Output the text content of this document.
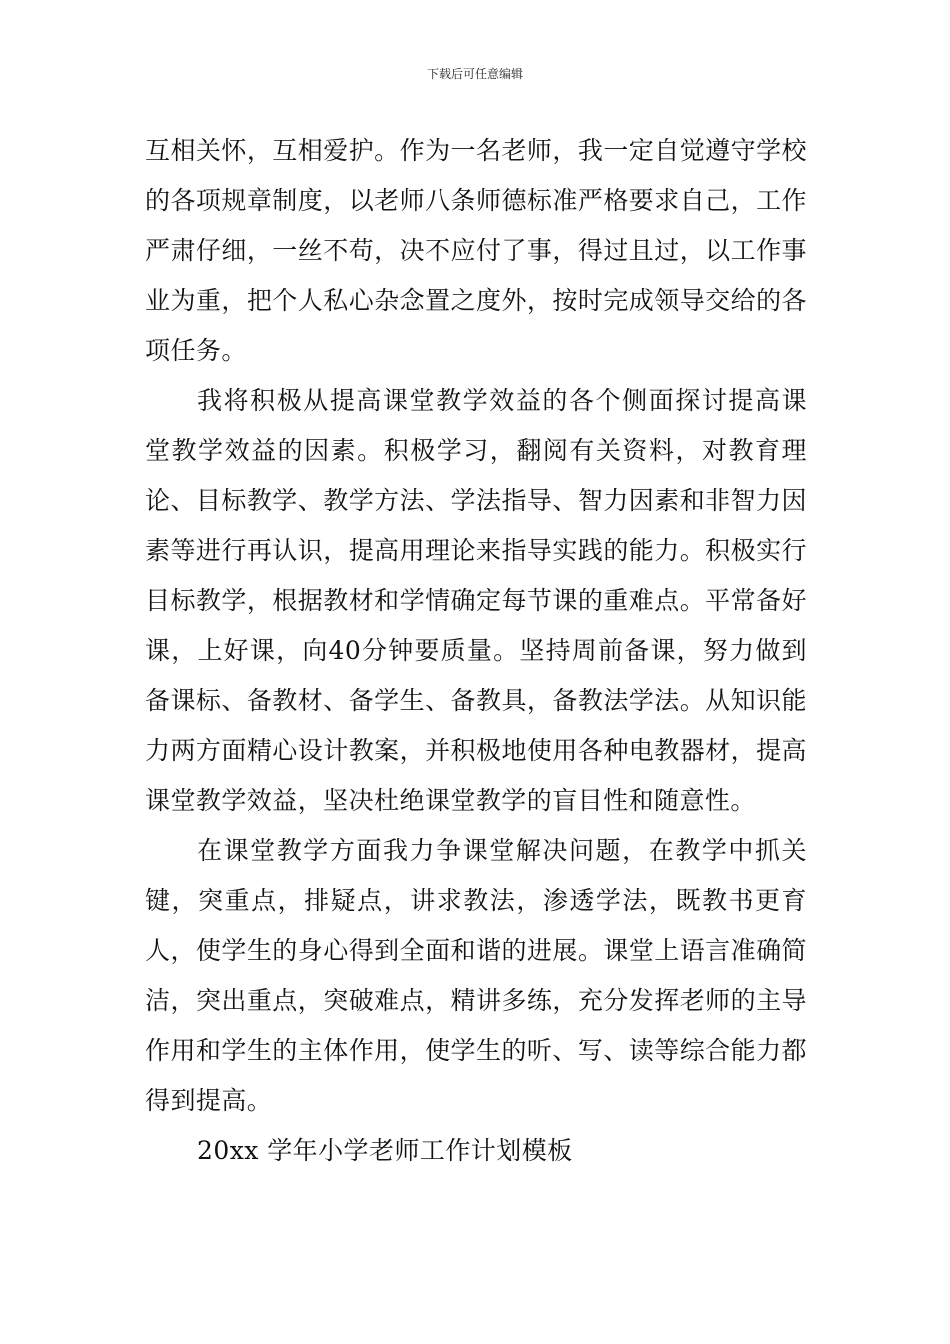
下载后可任意编辑

互相关怀，互相爱护。作为一名老师，我一定自觉遵守学校的各项规章制度，以老师八条师德标准严格要求自己，工作严肃仔细，一丝不苟，决不应付了事，得过且过，以工作事业为重，把个人私心杂念置之度外，按时完成领导交给的各项任务。

我将积极从提高课堂教学效益的各个侧面探讨提高课堂教学效益的因素。积极学习，翻阅有关资料，对教育理论、目标教学、教学方法、学法指导、智力因素和非智力因素等进行再认识，提高用理论来指导实践的能力。积极实行目标教学，根据教材和学情确定每节课的重难点。平常备好课，上好课，向40分钟要质量。坚持周前备课，努力做到备课标、备教材、备学生、备教具，备教法学法。从知识能力两方面精心设计教案，并积极地使用各种电教器材，提高课堂教学效益，坚决杜绝课堂教学的盲目性和随意性。

在课堂教学方面我力争课堂解决问题，在教学中抓关键，突重点，排疑点，讲求教法，渗透学法，既教书更育人，使学生的身心得到全面和谐的进展。课堂上语言准确简洁，突出重点，突破难点，精讲多练，充分发挥老师的主导作用和学生的主体作用，使学生的听、写、读等综合能力都得到提高。

20xx 学年小学老师工作计划模板
